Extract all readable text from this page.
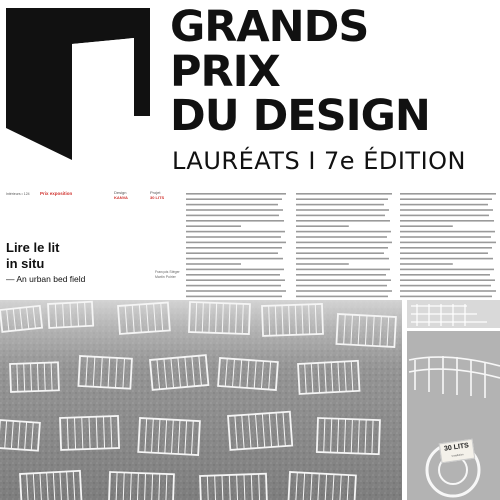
GRANDS
PRIX
DU DESIGN
LAURÉATS I 7e ÉDITION
Intérieurs • 124 Prix exposition	Design
KANVA
Projet
30 LITS
Lire le lit
in situ
— An urban bed field
François Stéger
Martin Poirier
30 LITS
Installation
